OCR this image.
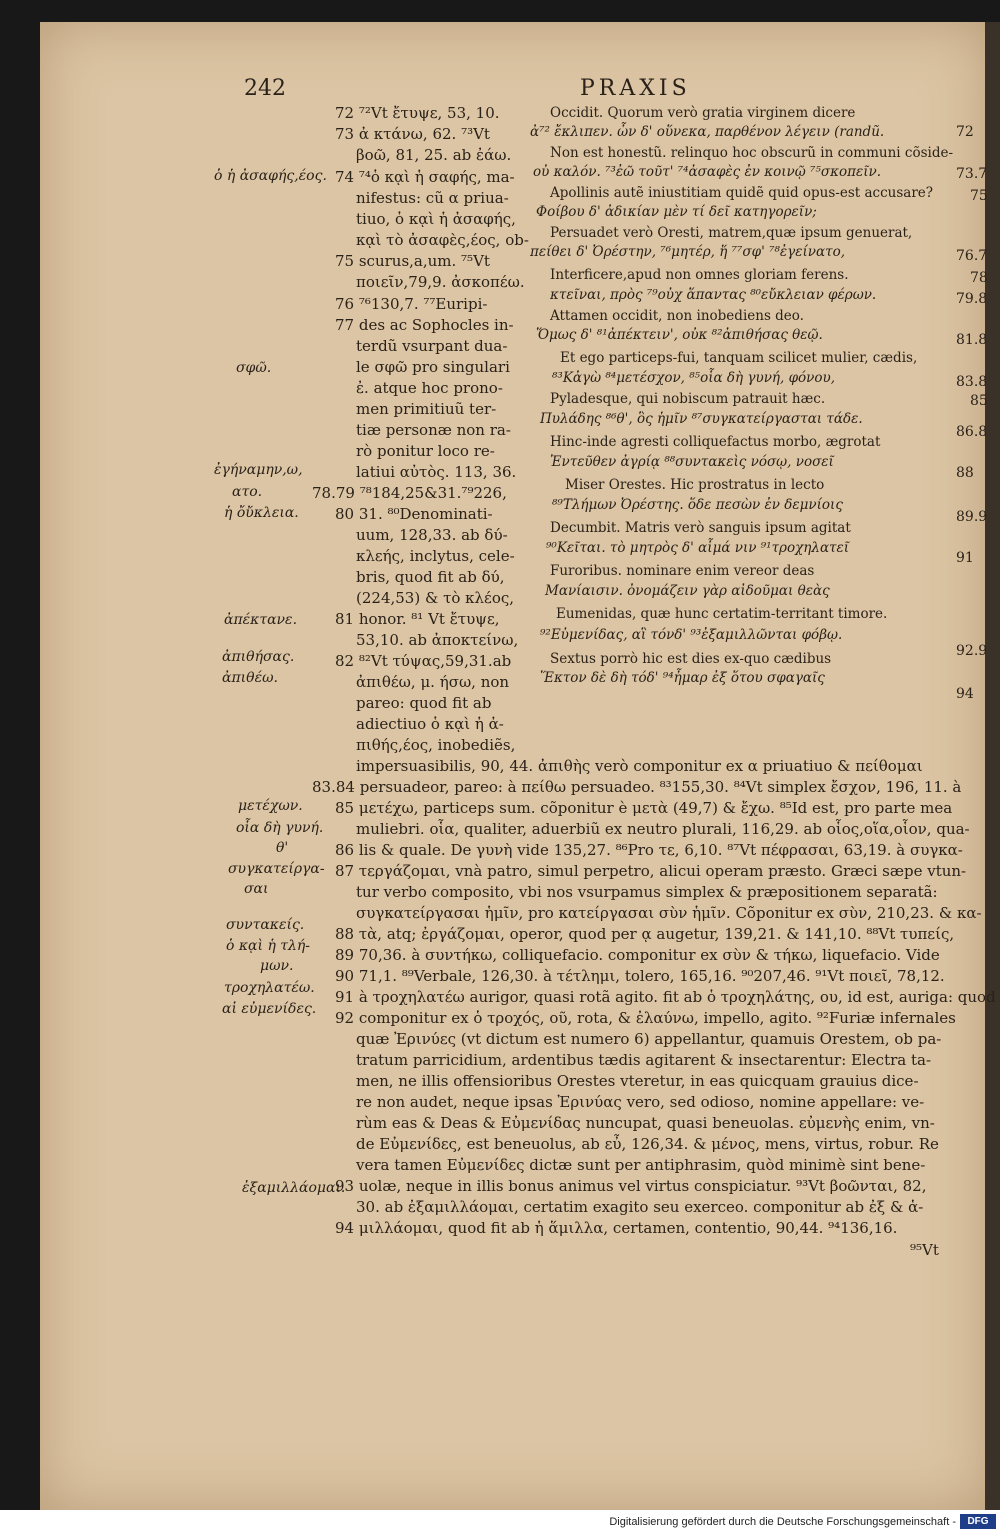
242	PRAXIS
ὁ ἡ ἀσαφής,έος.
σφῶ.
ἐγήναμην,ω,
ατο.
ἡ ὄὔκλεια.
ἀπέκτανε.
ἀπιθήσας.
ἀπιθέω.
μετέχων.
οἷα δὴ γυνή.
θ'
συγκατείργα-
σαι
συντακείς.
ὁ κᾳὶ ἡ τλή-
μων.
τροχηλατέω.
αἱ εὐμενίδες.
ἐξαμιλλάομαι.
72 ⁷²Vt ἔτυψε, 53, 10.
73 ἀ κτάνω, 62. ⁷³Vt
βοῶ, 81, 25. ab ἐάω.
74 ⁷⁴ὁ κᾳὶ ἡ σαφής, ma-
nifestus: cũ α priua-
tiuo, ὁ κᾳὶ ἡ ἀσαφής,
κᾳὶ τὸ ἀσαφὲς,έος, ob-
75 scurus,a,um. ⁷⁵Vt
ποιεῖν,79,9. ἀσκοπέω.
76 ⁷⁶130,7. ⁷⁷Euripi-
77 des ac Sophocles in-
terdũ vsurpant dua-
le σφῶ pro singulari
ἐ. atque hoc prono-
men primitiuũ ter-
tiæ personæ non ra-
rò ponitur loco re-
latiui αὐτὸς. 113, 36.
78.79 ⁷⁸184,25&31.⁷⁹226,
80 31. ⁸⁰Denominati-
uum, 128,33. ab δύ-
κλεής, inclytus, cele-
bris, quod fit ab δύ,
(224,53) & τὸ κλέος,
81 honor. ⁸¹ Vt ἔτυψε,
53,10. ab ἀποκτείνω,
82 ⁸²Vt τύψας,59,31.ab
ἀπιθέω, μ. ήσω, non
pareo: quod fit ab
adiectiuo ὁ κᾳὶ ἡ ἀ-
πιθής,έος, inobediẽs,
Occidit. Quorum verò gratia virginem dicere
ἀ⁷² ἔκλιπεν. ὧν δ' οὕνεκα, παρθένον λέγειν (randũ.
Non est honestũ. relinquo hoc obscurũ in communi cõside-
οὐ καλόν. ⁷³ἐῶ τοῦτ' ⁷⁴ἀσαφὲς ἐν κοινῷ ⁷⁵σκοπεῖν.
Apollinis autẽ iniustitiam quidẽ quid opus-est accusare?
Φοίβου δ' ἀδικίαν μὲν τί δεῖ κατηγορεῖν;
Persuadet verò Oresti, matrem,quæ ipsum genuerat,
πείθει δ' Ὀρέστην, ⁷⁶μητέρ, ἥ ⁷⁷σφ' ⁷⁸ἐγείνατο,
Interficere,apud non omnes gloriam ferens.
κτεῖναι, πρὸς ⁷⁹οὐχ ἅπαντας ⁸⁰εὔκλειαν φέρων.
Attamen occidit, non inobediens deo.
Ὅμως δ' ⁸¹ἀπέκτειν', οὐκ ⁸²ἀπιθήσας θεῷ.
Et ego particeps-fui, tanquam scilicet mulier, cædis,
⁸³Κἀγὼ ⁸⁴μετέσχον, ⁸⁵οἷα δὴ γυνή, φόνου,
Pyladesque, qui nobiscum patrauit hæc.
Πυλάδης ⁸⁶θ', ὃς ἡμῖν ⁸⁷συγκατείργασται τάδε.
Hinc-inde agresti colliquefactus morbo, ægrotat
Ἐντεῦθεν ἀγρίᾳ ⁸⁸συντακεὶς νόσῳ, νοσεῖ
Miser Orestes. Hic prostratus in lecto
⁸⁹Τλήμων Ὀρέστης. ὅδε πεσὼν ἐν δεμνίοις
Decumbit. Matris verò sanguis ipsum agitat
⁹⁰Κεῖται. τὸ μητρὸς δ' αἷμά νιν ⁹¹τροχηλατεῖ
Furoribus. nominare enim vereor deas
Μανίαισιν. ὀνομάζειν γὰρ αἰδοῦμαι θεὰς
Eumenidas, quæ hunc certatim-territant timore.
⁹²Εὐμενίδας, αἳ τόνδ' ⁹³ἐξαμιλλῶνται φόβῳ.
Sextus porrò hic est dies ex-quo cædibus
Ἕκτον δὲ δὴ τόδ' ⁹⁴ἦμαρ ἐξ ὅτου σφαγαῖς
72
73.7
75
76.7
78
79.8
81.8
83.8
85
86.8
88
89.9
91
92.9
94
impersuasibilis, 90, 44. ἀπιθὴς verò componitur ex α priuatiuo & πείθομαι
83.84 persuadeor, pareo: à πείθω persuadeo. ⁸³155,30. ⁸⁴Vt simplex ἔσχον, 196, 11. à
85 μετέχω, particeps sum. cõponitur è μετὰ (49,7) & ἔχω. ⁸⁵Id est, pro parte mea
muliebri. οἷα, qualiter, aduerbiũ ex neutro plurali, 116,29. ab οἷος,οἵα,οἷον, qua-
86 lis & quale. De γυνὴ vide 135,27. ⁸⁶Pro τε, 6,10. ⁸⁷Vt πέφρασαι, 63,19. à συγκα-
87 τεργάζομαι, vnà patro, simul perpetro, alicui operam præsto. Græci sæpe vtun-
tur verbo composito, vbi nos vsurpamus simplex & præpositionem separatã:
συγκατείργασαι ἡμῖν, pro κατείργασαι σὺν ἡμῖν. Cõponitur ex σὺν, 210,23. & κα-
88 τὰ, atq; ἐργάζομαι, operor, quod per ᾳ augetur, 139,21. & 141,10. ⁸⁸Vt τυπείς,
89 70,36. à συντήκω, colliquefacio. componitur ex σὺν & τήκω, liquefacio. Vide
90 71,1. ⁸⁹Verbale, 126,30. à τέτλημι, tolero, 165,16. ⁹⁰207,46. ⁹¹Vt ποιεῖ, 78,12.
91 à τροχηλατέω aurigor, quasi rotã agito. fit ab ὁ τροχηλάτης, ου, id est, auriga: quod
92 componitur ex ὁ τροχός, οῦ, rota, & ἐλαύνω, impello, agito. ⁹²Furiæ infernales
quæ Ἐρινύες (vt dictum est numero 6) appellantur, quamuis Orestem, ob pa-
tratum parricidium, ardentibus tædis agitarent & insectarentur: Electra ta-
men, ne illis offensioribus Orestes vteretur, in eas quicquam grauius dice-
re non audet, neque ipsas Ἐρινύας vero, sed odioso, nomine appellare: ve-
rùm eas & Deas & Εὐμενίδας nuncupat, quasi beneuolas. εὐμενὴς enim, vn-
de Εὐμενίδες, est beneuolus, ab εὖ, 126,34. & μένος, mens, virtus, robur. Re
vera tamen Εὐμενίδες dictæ sunt per antiphrasim, quòd minimè sint bene-
93 uolæ, neque in illis bonus animus vel virtus conspiciatur. ⁹³Vt βοῶνται, 82,
30. ab ἐξαμιλλάομαι, certatim exagito seu exerceo. componitur ab ἐξ & ἁ-
94 μιλλάομαι, quod fit ab ἡ ἅμιλλα, certamen, contentio, 90,44. ⁹⁴136,16.
⁹⁵Vt
Digitalisierung gefördert durch die Deutsche Forschungsgemeinschaft -	DFG
